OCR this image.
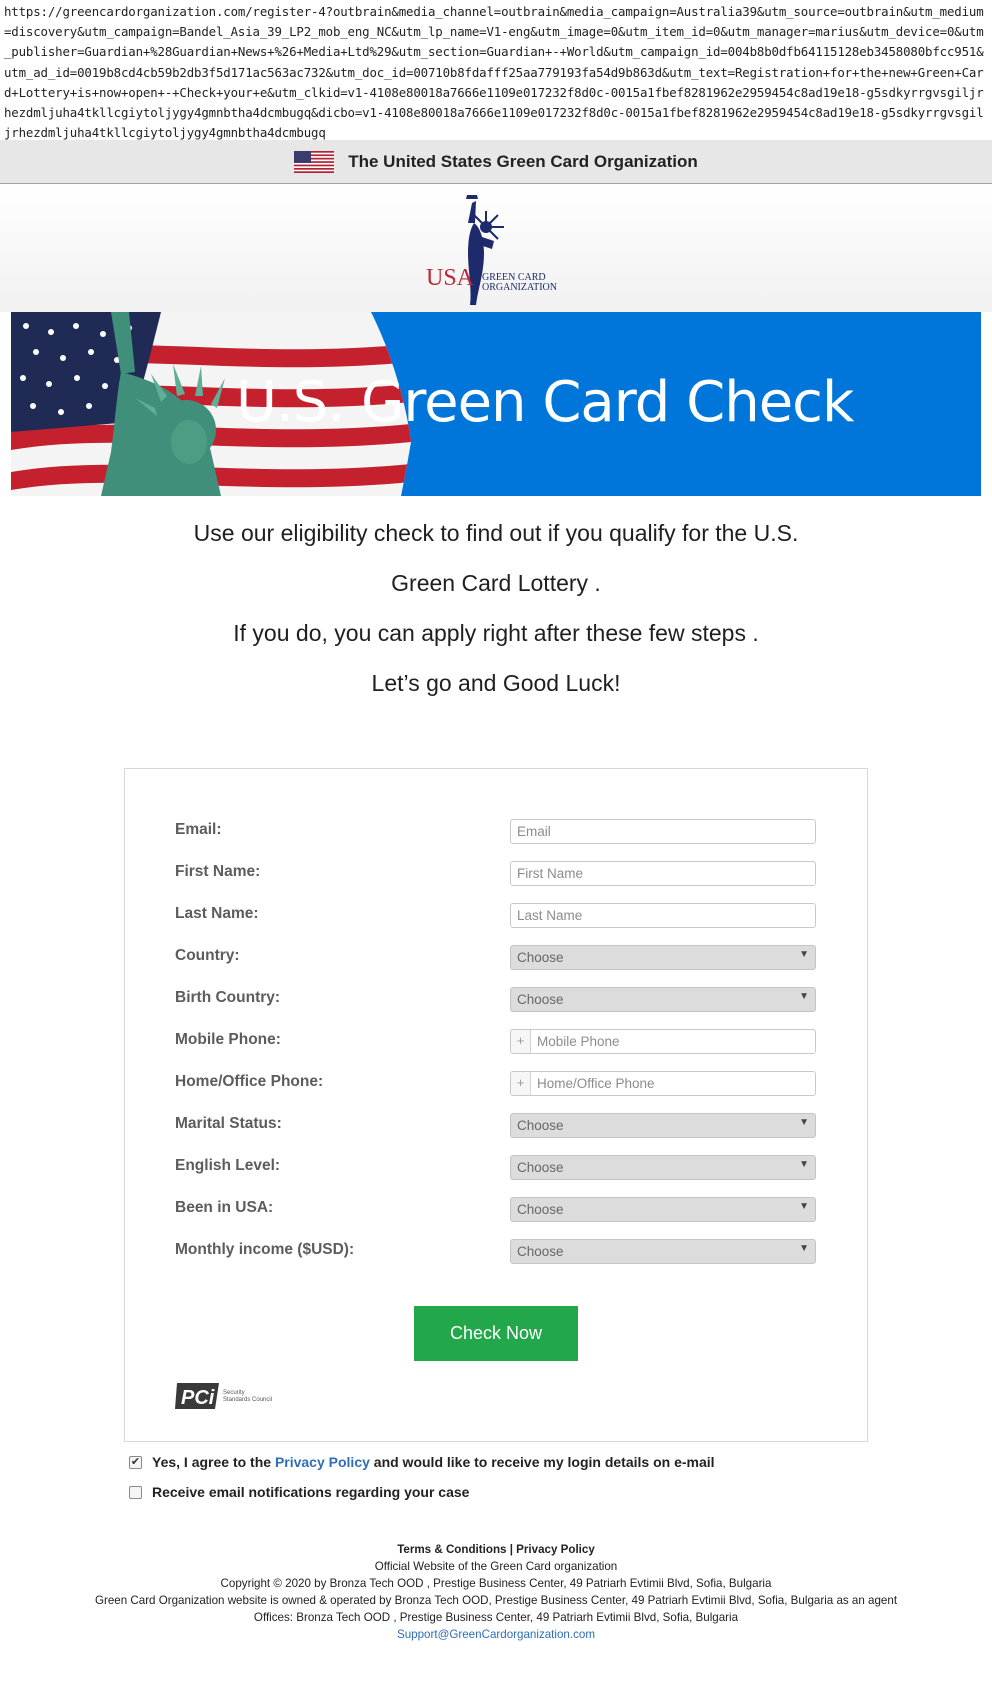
https://greencardorganization.com/register-4?outbrain&media_channel=outbrain&media_campaign=Australia39&utm_source=outbrain&utm_medium=discovery&utm_campaign=Bandel_Asia_39_LP2_mob_eng_NC&utm_lp_name=V1-eng&utm_image=0&utm_item_id=0&utm_manager=marius&utm_device=0&utm_publisher=Guardian+%28Guardian+News+%26+Media+Ltd%29&utm_section=Guardian+-+World&utm_campaign_id=004b8b0dfb64115128eb3458080bfcc951&utm_ad_id=0019b8cd4cb59b2db3f5d171ac563ac732&utm_doc_id=00710b8fdafff25aa779193fa54d9b863d&utm_text=Registration+for+the+new+Green+Card+Lottery+is+now+open+-+Check+your+e&utm_clkid=v1-4108e80018a7666e1109e017232f8d0c-0015a1fbef8281962e2959454c8ad19e18-g5sdkyrrgvsgiljrhezdmljuha4tkllcgiytoljygy4gmnbtha4dcmbugq&dicbo=v1-4108e80018a7666e1109e017232f8d0c-0015a1fbef8281962e2959454c8ad19e18-g5sdkyrrgvsgiljrhezdmljuha4tkllcgiytoljygy4gmnbtha4dcmbugq
The United States Green Card Organization
USA GREEN CARD
ORGANIZATION
U.S. Green Card Check

Use our eligibility check to find out if you qualify for the U.S.

Green Card Lottery .

If you do, you can apply right after these few steps .

Let’s go and Good Luck!

Email:	Email
First Name:	First Name
Last Name:	Last Name
Country:	Choose	▼
Birth Country:	Choose	▼
Mobile Phone:	+ Mobile Phone
Home/Office Phone:	+ Home/Office Phone
Marital Status:	Choose	▼
English Level:	Choose	▼
Been in USA:	Choose	▼
Monthly income ($USD):	Choose	▼
Check Now
PCi Security
Standards Council
✔ Yes, I agree to the Privacy Policy and would like to receive my login details on e-mail
Receive email notifications regarding your case
Terms & Conditions | Privacy Policy
Official Website of the Green Card organization
Copyright © 2020 by Bronza Tech OOD , Prestige Business Center, 49 Patriarh Evtimii Blvd, Sofia, Bulgaria
Green Card Organization website is owned & operated by Bronza Tech OOD, Prestige Business Center, 49 Patriarh Evtimii Blvd, Sofia, Bulgaria as an agent
Offices: Bronza Tech OOD , Prestige Business Center, 49 Patriarh Evtimii Blvd, Sofia, Bulgaria
Support@GreenCardorganization.com
